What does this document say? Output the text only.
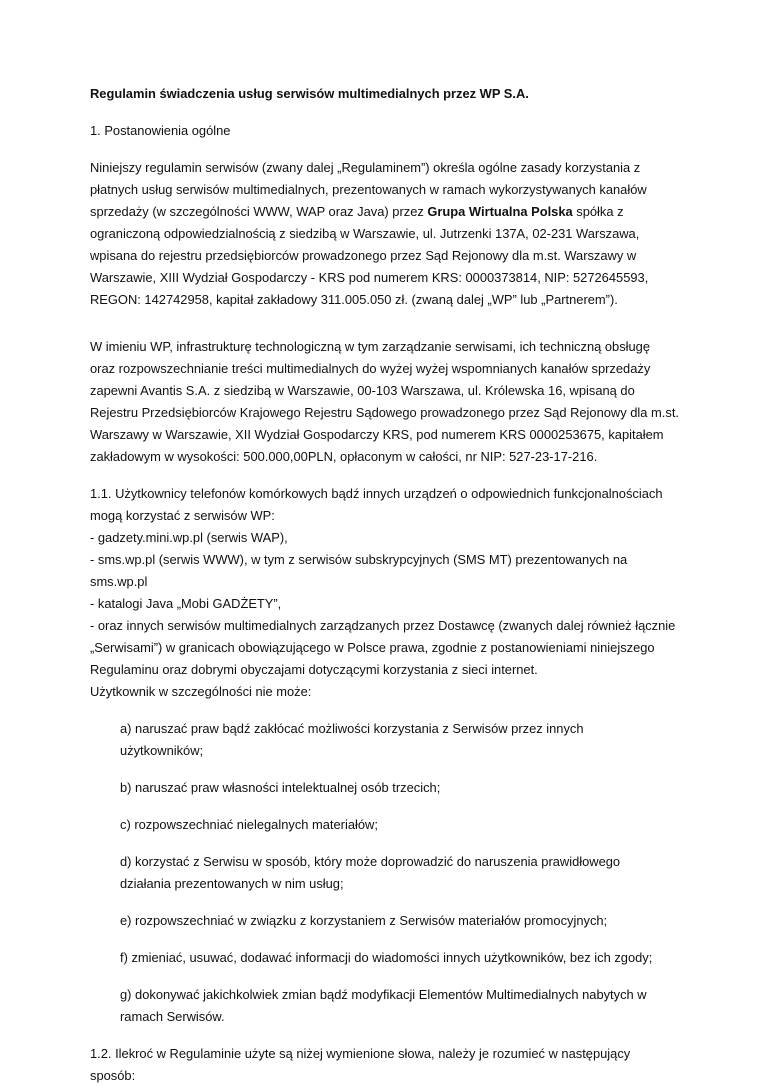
Regulamin świadczenia usług serwisów multimedialnych przez WP S.A.
1. Postanowienia ogólne
Niniejszy regulamin serwisów (zwany dalej „Regulaminem”) określa ogólne zasady korzystania z
płatnych usług serwisów multimedialnych, prezentowanych w ramach wykorzystywanych kanałów
sprzedaży (w szczególności WWW, WAP oraz Java) przez Grupa Wirtualna Polska spółka z
ograniczoną odpowiedzialnością z siedzibą w Warszawie, ul. Jutrzenki 137A, 02-231 Warszawa,
wpisana do rejestru przedsiębiorców prowadzonego przez Sąd Rejonowy dla m.st. Warszawy w
Warszawie, XIII Wydział Gospodarczy - KRS pod numerem KRS: 0000373814, NIP: 5272645593,
REGON: 142742958, kapitał zakładowy 311.005.050 zł. (zwaną dalej „WP” lub „Partnerem”).
W imieniu WP, infrastrukturę technologiczną w tym zarządzanie serwisami, ich techniczną obsługę
oraz rozpowszechnianie treści multimedialnych do wyżej wyżej wspomnianych kanałów sprzedaży
zapewni Avantis S.A. z siedzibą w Warszawie, 00-103 Warszawa, ul. Królewska 16, wpisaną do
Rejestru Przedsiębiorców Krajowego Rejestru Sądowego prowadzonego przez Sąd Rejonowy dla m.st.
Warszawy w Warszawie, XII Wydział Gospodarczy KRS, pod numerem KRS 0000253675, kapitałem
zakładowym w wysokości: 500.000,00PLN, opłaconym w całości, nr NIP: 527-23-17-216.
1.1. Użytkownicy telefonów komórkowych bądź innych urządzeń o odpowiednich funkcjonalnościach
mogą korzystać z serwisów WP:
- gadzety.mini.wp.pl (serwis WAP),
- sms.wp.pl (serwis WWW), w tym z serwisów subskrypcyjnych (SMS MT) prezentowanych na
sms.wp.pl
- katalogi Java „Mobi GADŻETY”,
- oraz innych serwisów multimedialnych zarządzanych przez Dostawcę (zwanych dalej również łącznie
„Serwisami”) w granicach obowiązującego w Polsce prawa, zgodnie z postanowieniami niniejszego
Regulaminu oraz dobrymi obyczajami dotyczącymi korzystania z sieci internet.
Użytkownik w szczególności nie może:
a) naruszać praw bądź zakłócać możliwości korzystania z Serwisów przez innych
użytkowników;
b) naruszać praw własności intelektualnej osób trzecich;
c) rozpowszechniać nielegalnych materiałów;
d) korzystać z Serwisu w sposób, który może doprowadzić do naruszenia prawidłowego
działania prezentowanych w nim usług;
e) rozpowszechniać w związku z korzystaniem z Serwisów materiałów promocyjnych;
f) zmieniać, usuwać, dodawać informacji do wiadomości innych użytkowników, bez ich zgody;
g) dokonywać jakichkolwiek zmian bądź modyfikacji Elementów Multimedialnych nabytych w
ramach Serwisów.
1.2. Ilekroć w Regulaminie użyte są niżej wymienione słowa, należy je rozumieć w następujący
sposób:
